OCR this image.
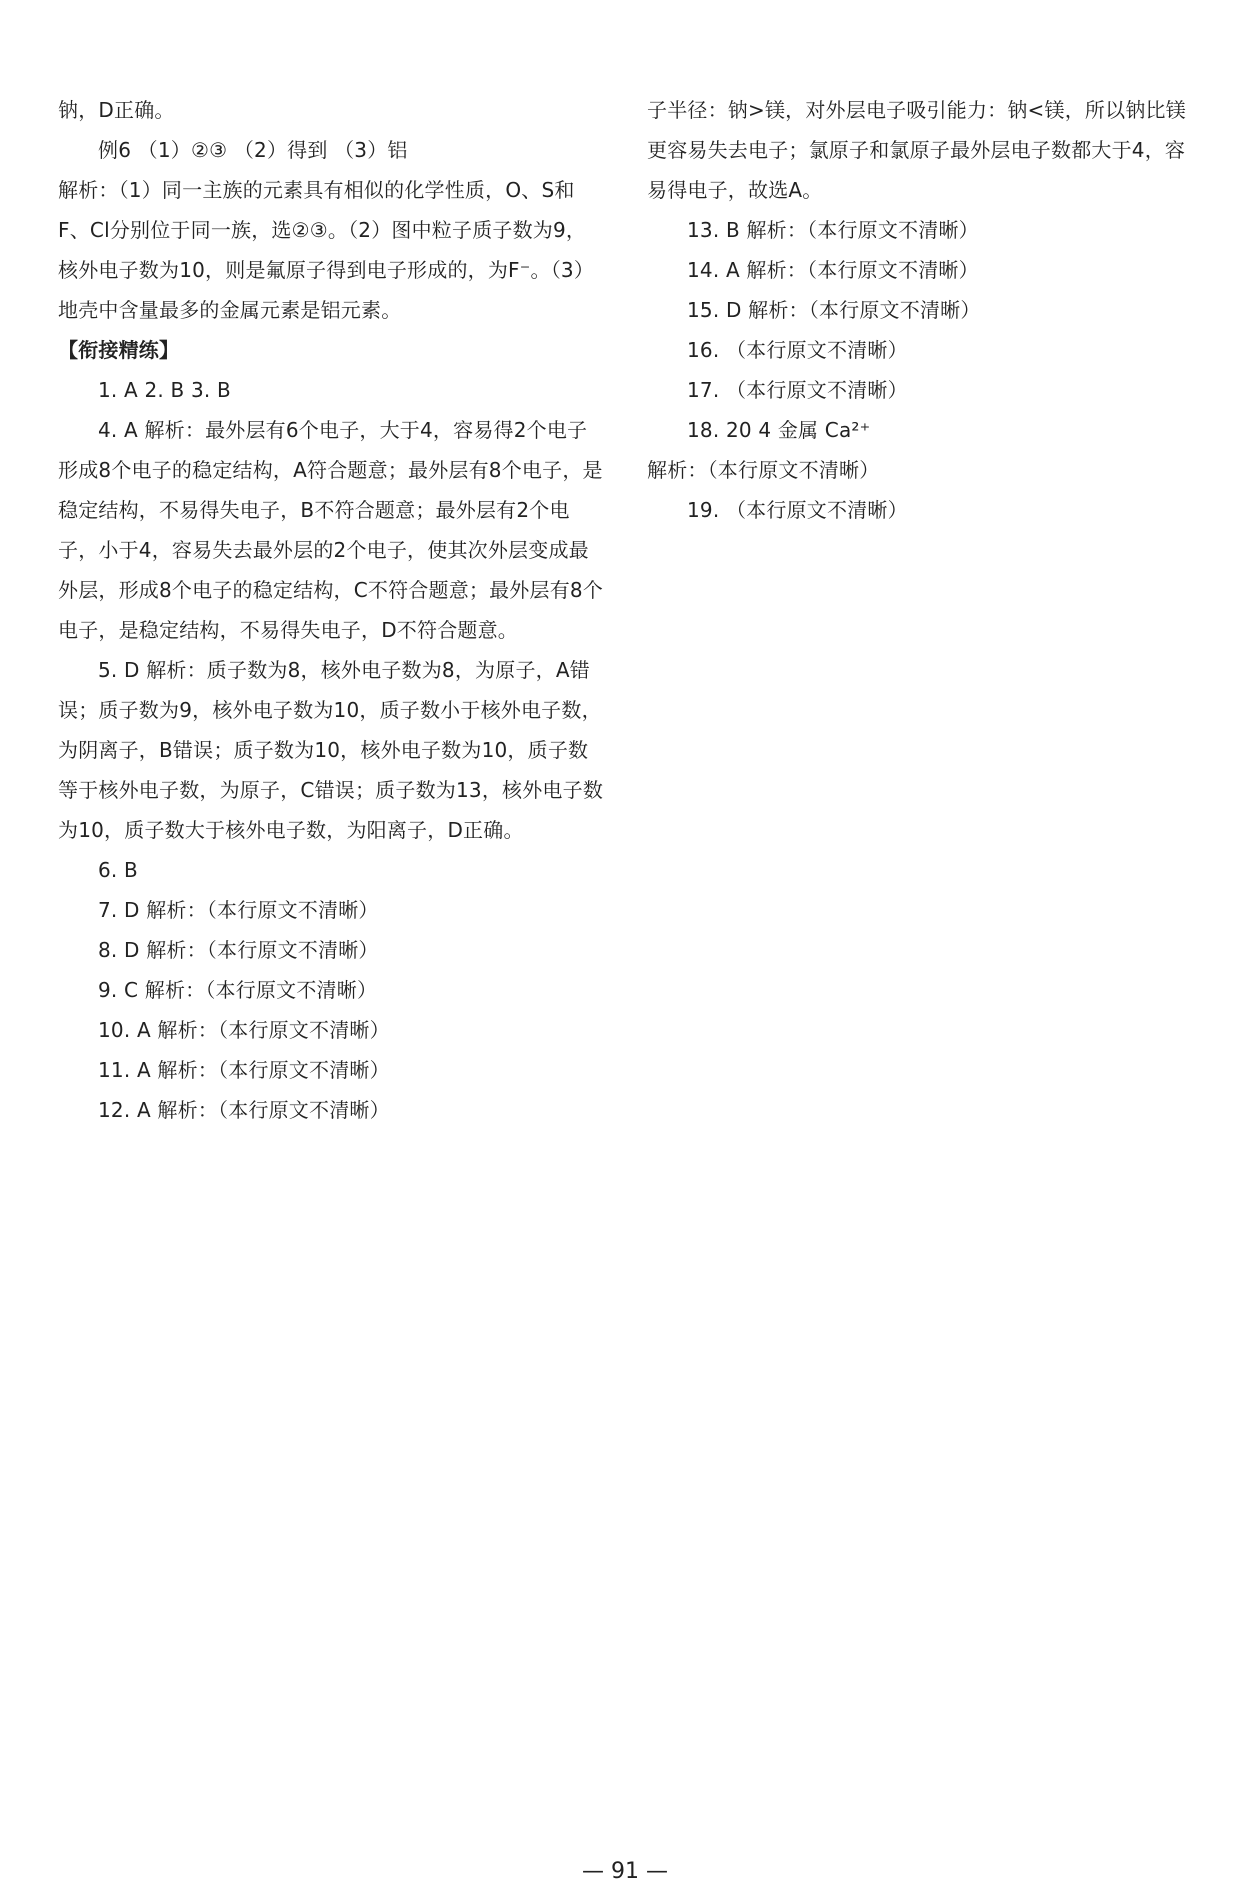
钠，D正确。

例6 （1）②③ （2）得到 （3）铝

解析：（1）同一主族的元素具有相似的化学性质，O、S和F、Cl分别位于同一族，选②③。（2）图中粒子质子数为9，核外电子数为10，则是氟原子得到电子形成的，为F⁻。（3）地壳中含量最多的金属元素是铝元素。

【衔接精练】

1. A 2. B 3. B

4. A 解析：最外层有6个电子，大于4，容易得2个电子形成8个电子的稳定结构，A符合题意；最外层有8个电子，是稳定结构，不易得失电子，B不符合题意；最外层有2个电子，小于4，容易失去最外层的2个电子，使其次外层变成最外层，形成8个电子的稳定结构，C不符合题意；最外层有8个电子，是稳定结构，不易得失电子，D不符合题意。

5. D 解析：质子数为8，核外电子数为8，为原子，A错误；质子数为9，核外电子数为10，质子数小于核外电子数，为阴离子，B错误；质子数为10，核外电子数为10，质子数等于核外电子数，为原子，C错误；质子数为13，核外电子数为10，质子数大于核外电子数，为阳离子，D正确。

6. B

7. D 解析：（本行原文不清晰）

8. D 解析：（本行原文不清晰）

9. C 解析：（本行原文不清晰）

10. A 解析：（本行原文不清晰）

11. A 解析：（本行原文不清晰）

12. A 解析：（本行原文不清晰）

子半径：钠>镁，对外层电子吸引能力：钠<镁，所以钠比镁更容易失去电子；氯原子和氯原子最外层电子数都大于4，容易得电子，故选A。

13. B 解析：（本行原文不清晰）

14. A 解析：（本行原文不清晰）

15. D 解析：（本行原文不清晰）

16. （本行原文不清晰）

17. （本行原文不清晰）

18. 20 4 金属 Ca²⁺

解析：（本行原文不清晰）

19. （本行原文不清晰）

— 91 —
